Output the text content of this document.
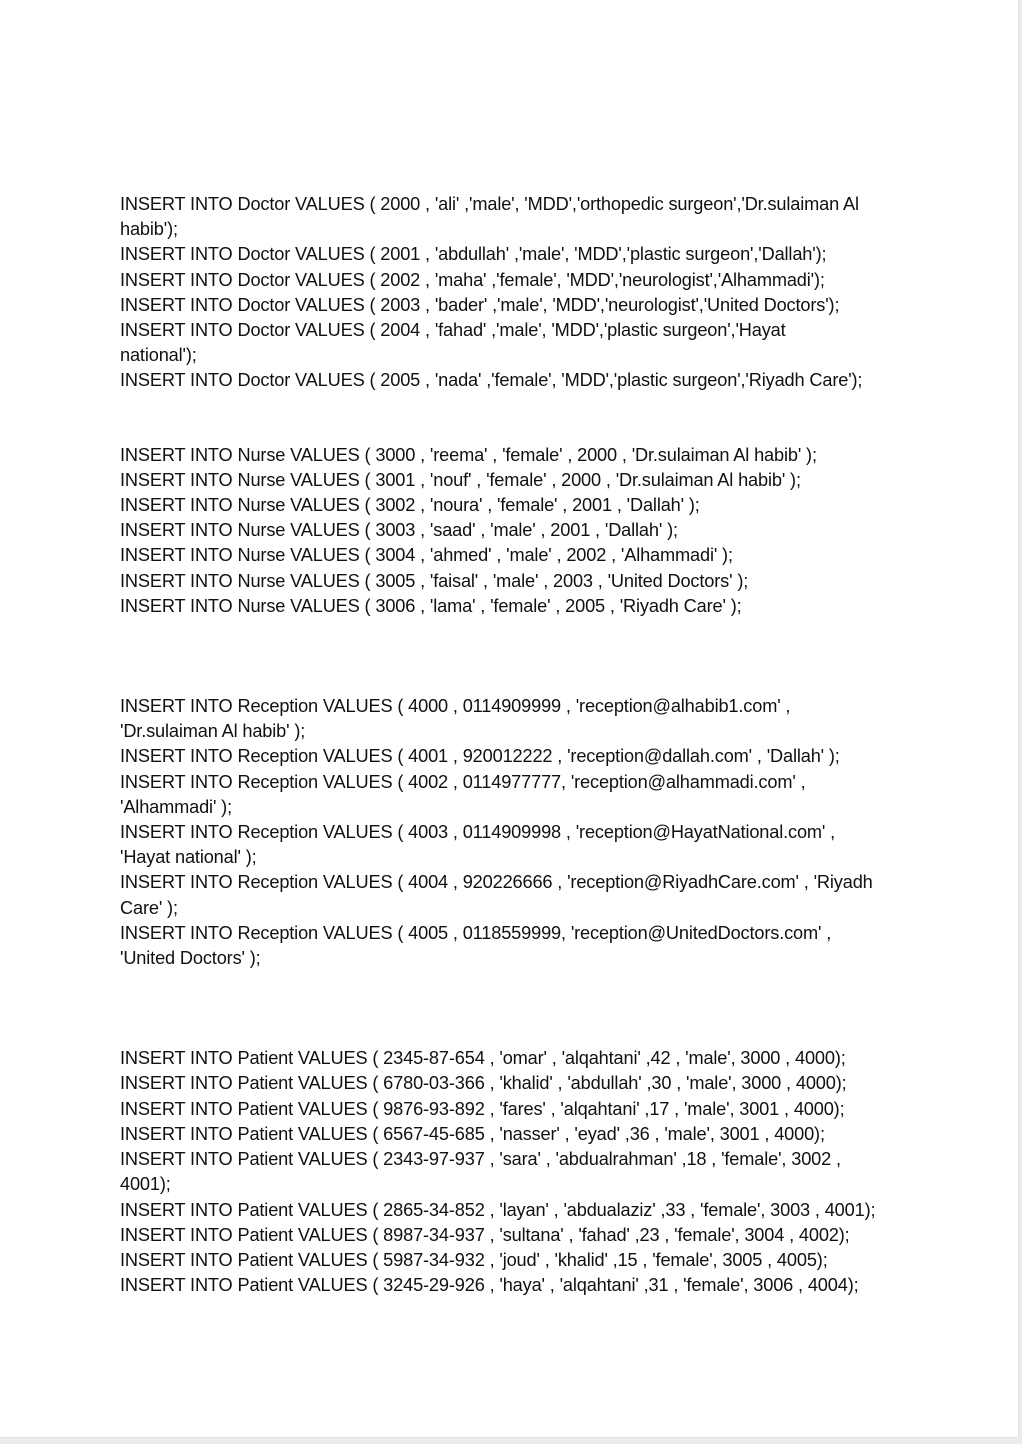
INSERT INTO Doctor VALUES ( 2000 , 'ali' ,'male', 'MDD','orthopedic surgeon','Dr.sulaiman Al

habib');

INSERT INTO Doctor VALUES ( 2001 , 'abdullah' ,'male', 'MDD','plastic surgeon','Dallah');

INSERT INTO Doctor VALUES ( 2002 , 'maha' ,'female', 'MDD','neurologist','Alhammadi');

INSERT INTO Doctor VALUES ( 2003 , 'bader' ,'male', 'MDD','neurologist','United Doctors');

INSERT INTO Doctor VALUES ( 2004 , 'fahad' ,'male', 'MDD','plastic surgeon','Hayat

national');

INSERT INTO Doctor VALUES ( 2005 , 'nada' ,'female', 'MDD','plastic surgeon','Riyadh Care');

INSERT INTO Nurse VALUES ( 3000 , 'reema' , 'female' , 2000 , 'Dr.sulaiman Al habib' );

INSERT INTO Nurse VALUES ( 3001 , 'nouf' , 'female' , 2000 , 'Dr.sulaiman Al habib' );

INSERT INTO Nurse VALUES ( 3002 , 'noura' , 'female' , 2001 , 'Dallah' );

INSERT INTO Nurse VALUES ( 3003 , 'saad' , 'male' , 2001 , 'Dallah' );

INSERT INTO Nurse VALUES ( 3004 , 'ahmed' , 'male' , 2002 , 'Alhammadi' );

INSERT INTO Nurse VALUES ( 3005 , 'faisal' , 'male' , 2003 , 'United Doctors' );

INSERT INTO Nurse VALUES ( 3006 , 'lama' , 'female' , 2005 , 'Riyadh Care' );

INSERT INTO Reception VALUES ( 4000 , 0114909999 , 'reception@alhabib1.com' ,

'Dr.sulaiman Al habib' );

INSERT INTO Reception VALUES ( 4001 , 920012222 , 'reception@dallah.com' , 'Dallah' );

INSERT INTO Reception VALUES ( 4002 , 0114977777, 'reception@alhammadi.com' ,

'Alhammadi' );

INSERT INTO Reception VALUES ( 4003 , 0114909998 , 'reception@HayatNational.com' ,

'Hayat national' );

INSERT INTO Reception VALUES ( 4004 , 920226666 , 'reception@RiyadhCare.com' , 'Riyadh

Care' );

INSERT INTO Reception VALUES ( 4005 , 0118559999, 'reception@UnitedDoctors.com' ,

'United Doctors' );

INSERT INTO Patient VALUES ( 2345-87-654 , 'omar' , 'alqahtani' ,42 , 'male', 3000 , 4000);

INSERT INTO Patient VALUES ( 6780-03-366 , 'khalid' , 'abdullah' ,30 , 'male', 3000 , 4000);

INSERT INTO Patient VALUES ( 9876-93-892 , 'fares' , 'alqahtani' ,17 , 'male', 3001 , 4000);

INSERT INTO Patient VALUES ( 6567-45-685 , 'nasser' , 'eyad' ,36 , 'male', 3001 , 4000);

INSERT INTO Patient VALUES ( 2343-97-937 , 'sara' , 'abdualrahman' ,18 , 'female', 3002 ,

4001);

INSERT INTO Patient VALUES ( 2865-34-852 , 'layan' , 'abdualaziz' ,33 , 'female', 3003 , 4001);

INSERT INTO Patient VALUES ( 8987-34-937 , 'sultana' , 'fahad' ,23 , 'female', 3004 , 4002);

INSERT INTO Patient VALUES ( 5987-34-932 , 'joud' , 'khalid' ,15 , 'female', 3005 , 4005);

INSERT INTO Patient VALUES ( 3245-29-926 , 'haya' , 'alqahtani' ,31 , 'female', 3006 , 4004);
